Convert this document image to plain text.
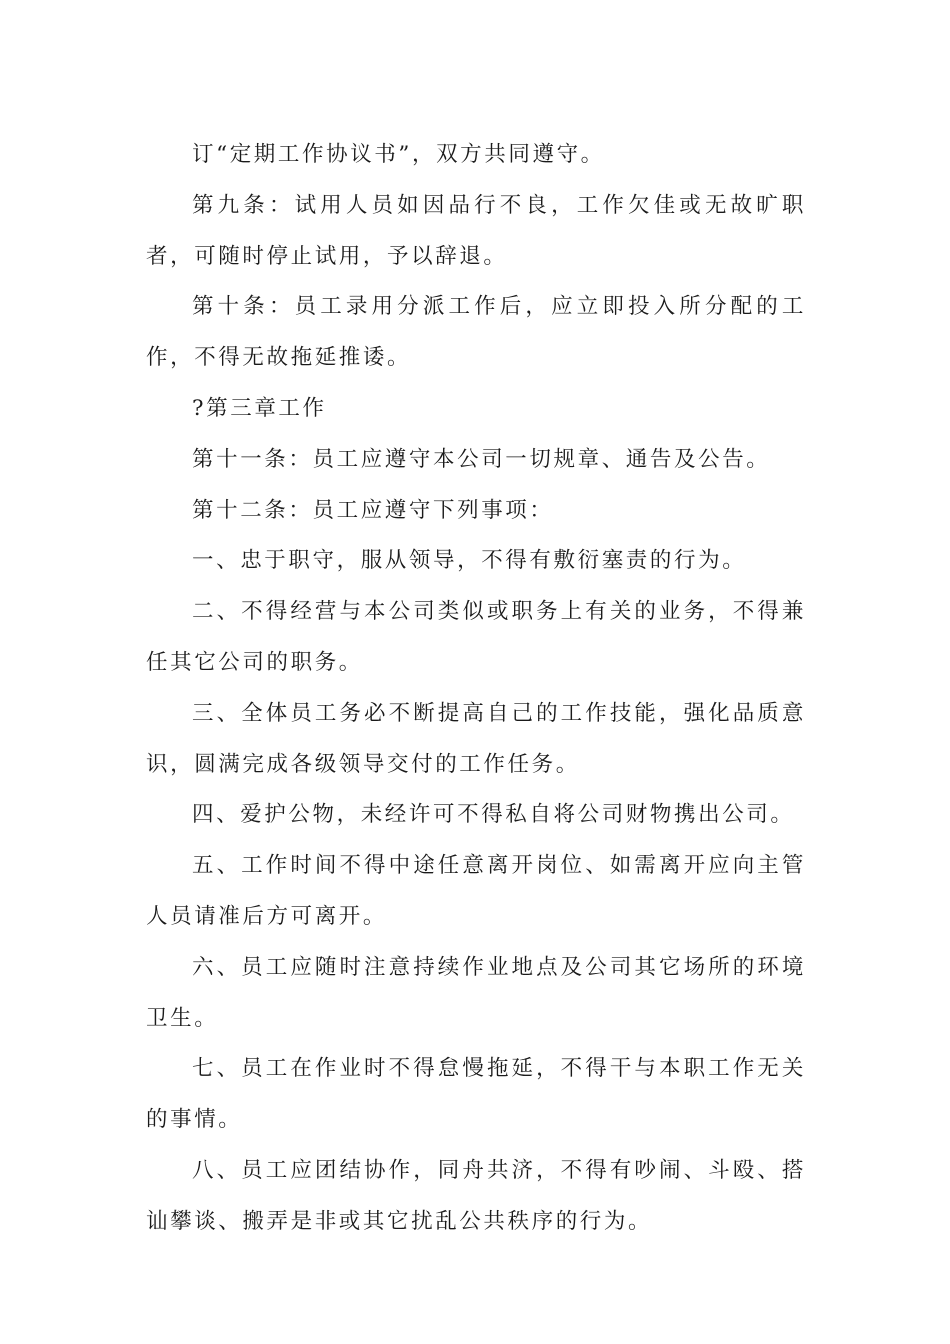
订“定期工作协议书”，双方共同遵守。

第九条：试用人员如因品行不良，工作欠佳或无故旷职者，可随时停止试用，予以辞退。

第十条：员工录用分派工作后，应立即投入所分配的工作，不得无故拖延推诿。

?第三章工作

第十一条：员工应遵守本公司一切规章、通告及公告。

第十二条：员工应遵守下列事项：

一、忠于职守，服从领导，不得有敷衍塞责的行为。

二、不得经营与本公司类似或职务上有关的业务，不得兼任其它公司的职务。

三、全体员工务必不断提高自己的工作技能，强化品质意识，圆满完成各级领导交付的工作任务。

四、爱护公物，未经许可不得私自将公司财物携出公司。

五、工作时间不得中途任意离开岗位、如需离开应向主管人员请准后方可离开。

六、员工应随时注意持续作业地点及公司其它场所的环境卫生。

七、员工在作业时不得怠慢拖延，不得干与本职工作无关的事情。

八、员工应团结协作，同舟共济，不得有吵闹、斗殴、搭讪攀谈、搬弄是非或其它扰乱公共秩序的行为。
